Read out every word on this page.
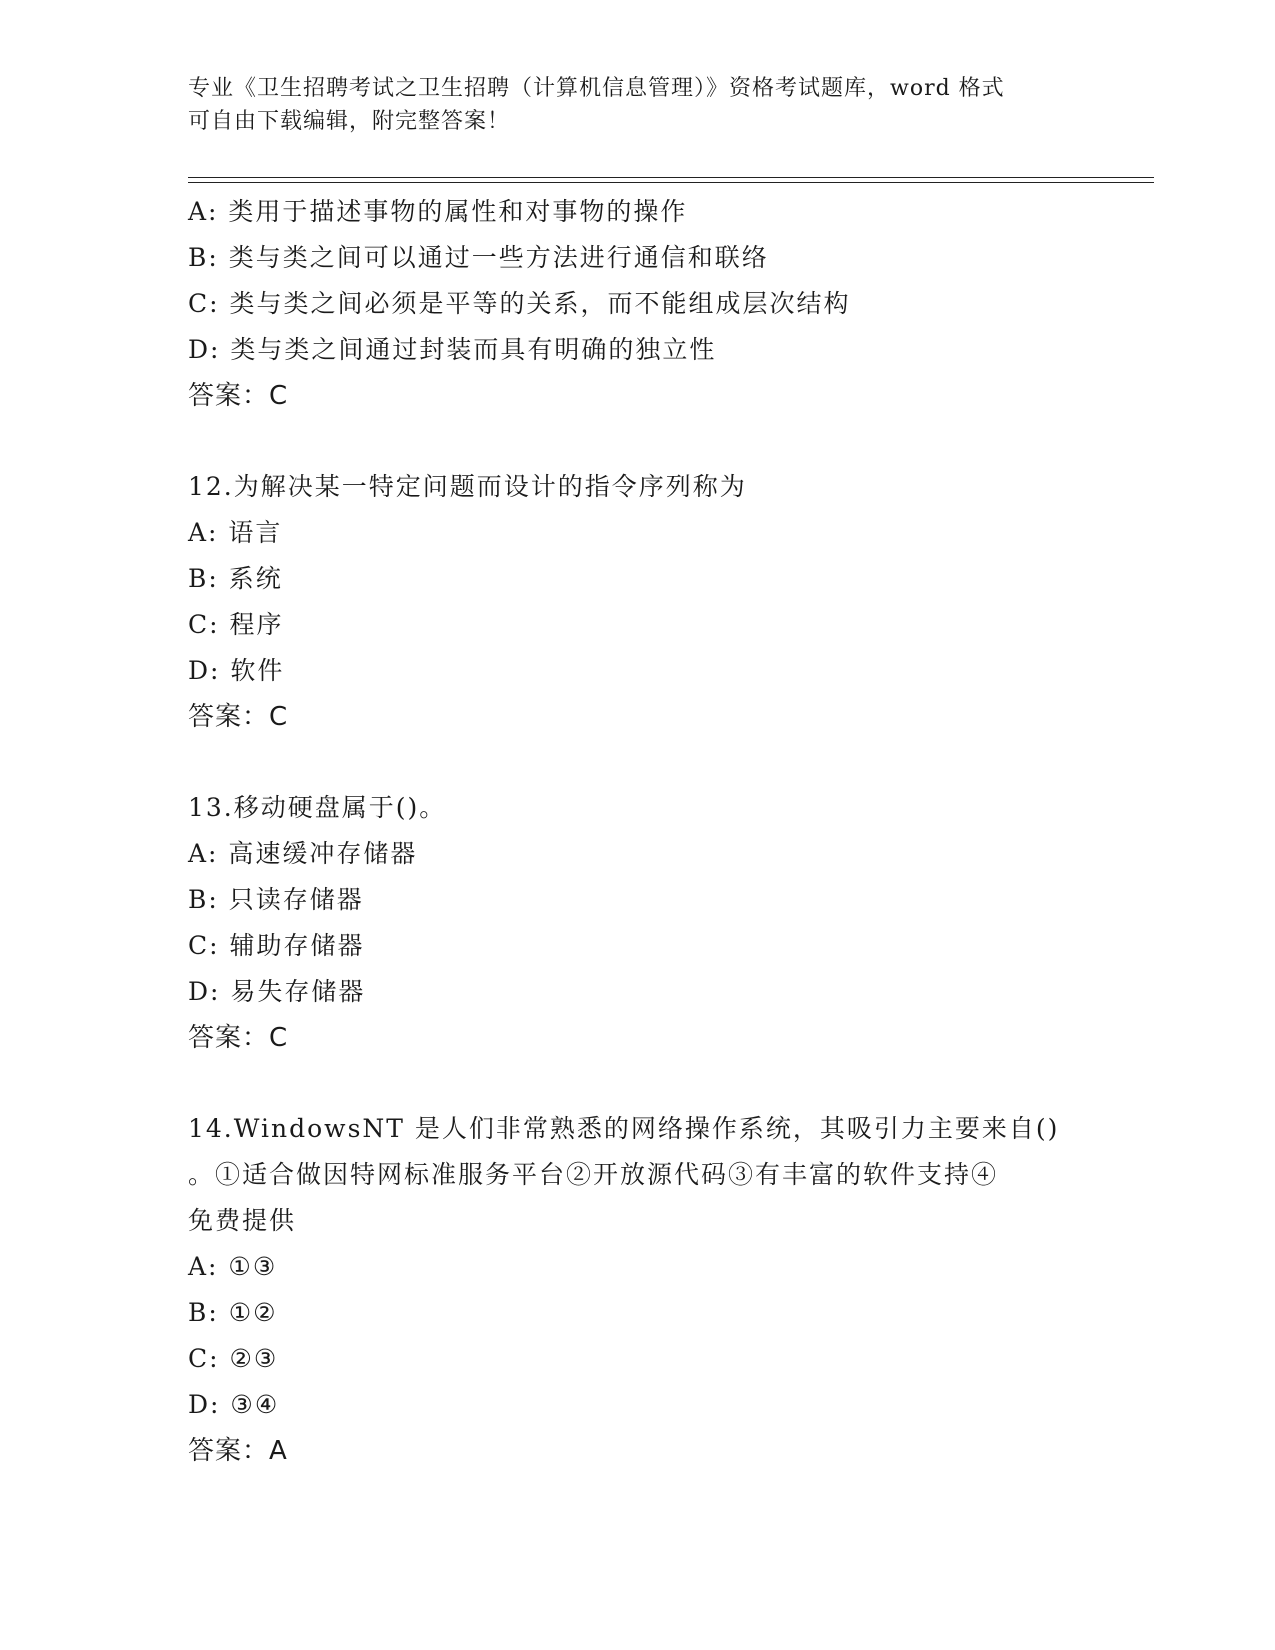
专业《卫生招聘考试之卫生招聘（计算机信息管理）》资格考试题库，word 格式
可自由下载编辑，附完整答案！
A: 类用于描述事物的属性和对事物的操作
B: 类与类之间可以通过一些方法进行通信和联络
C: 类与类之间必须是平等的关系，而不能组成层次结构
D: 类与类之间通过封装而具有明确的独立性
答案：C
12.为解决某一特定问题而设计的指令序列称为
A: 语言
B: 系统
C: 程序
D: 软件
答案：C
13.移动硬盘属于()。
A: 高速缓冲存储器
B: 只读存储器
C: 辅助存储器
D: 易失存储器
答案：C
14.WindowsNT 是人们非常熟悉的网络操作系统，其吸引力主要来自()
。①适合做因特网标准服务平台②开放源代码③有丰富的软件支持④
免费提供
A: ①③
B: ①②
C: ②③
D: ③④
答案：A
